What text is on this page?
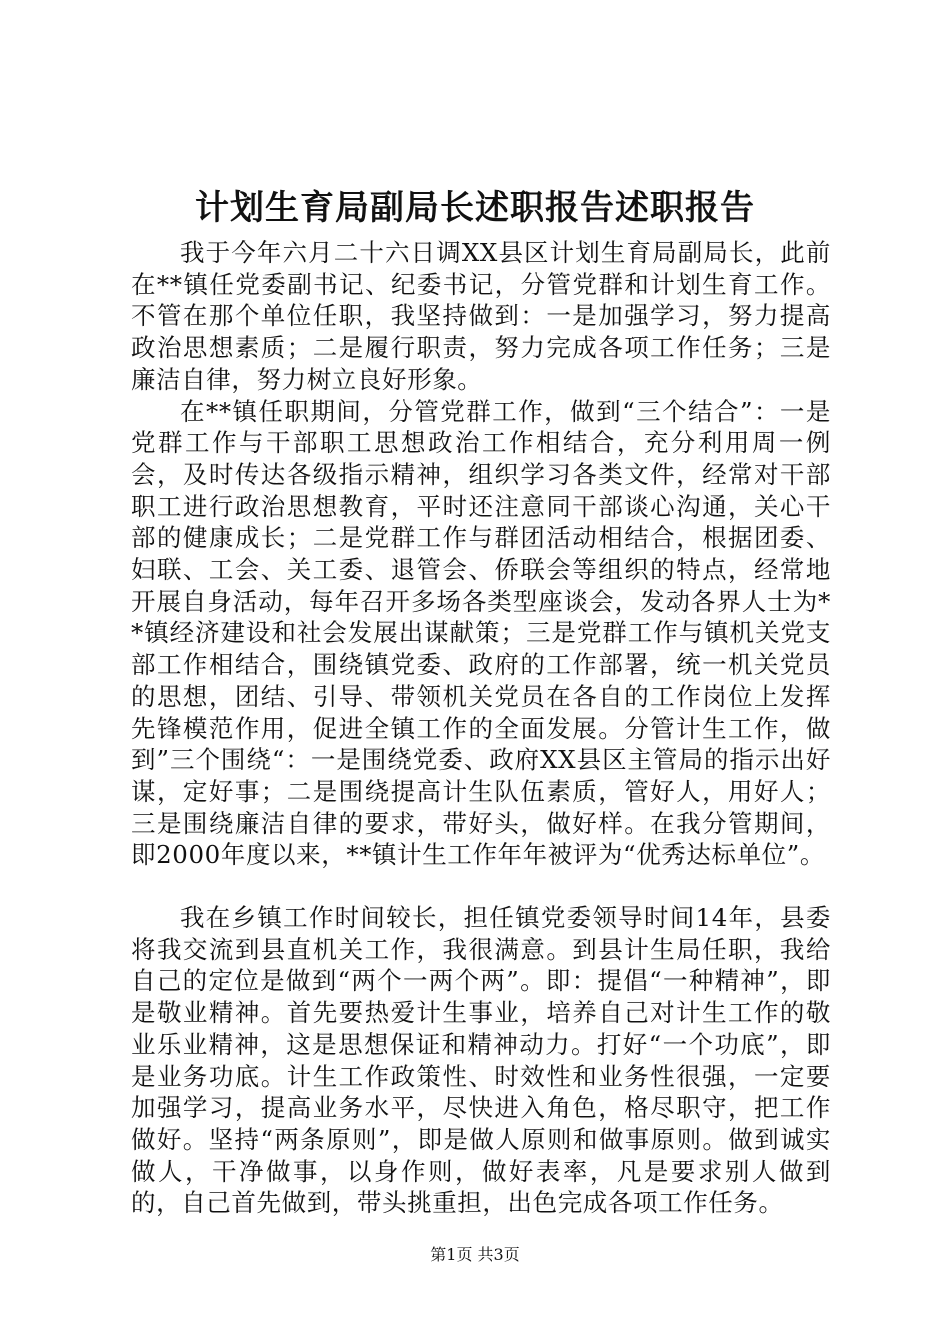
计划生育局副局长述职报告述职报告

我于今年六月二十六日调XX县区计划生育局副局长，此前在**镇任党委副书记、纪委书记，分管党群和计划生育工作。不管在那个单位任职，我坚持做到：一是加强学习，努力提高政治思想素质；二是履行职责，努力完成各项工作任务；三是廉洁自律，努力树立良好形象。

在**镇任职期间，分管党群工作，做到“三个结合”：一是党群工作与干部职工思想政治工作相结合，充分利用周一例会，及时传达各级指示精神，组织学习各类文件，经常对干部职工进行政治思想教育，平时还注意同干部谈心沟通，关心干部的健康成长；二是党群工作与群团活动相结合，根据团委、妇联、工会、关工委、退管会、侨联会等组织的特点，经常地开展自身活动，每年召开多场各类型座谈会，发动各界人士为**镇经济建设和社会发展出谋献策；三是党群工作与镇机关党支部工作相结合，围绕镇党委、政府的工作部署，统一机关党员的思想，团结、引导、带领机关党员在各自的工作岗位上发挥先锋模范作用，促进全镇工作的全面发展。分管计生工作，做到”三个围绕“：一是围绕党委、政府XX县区主管局的指示出好谋，定好事；二是围绕提高计生队伍素质，管好人，用好人；三是围绕廉洁自律的要求，带好头，做好样。在我分管期间，即2000年度以来，**镇计生工作年年被评为“优秀达标单位”。

我在乡镇工作时间较长，担任镇党委领导时间14年，县委将我交流到县直机关工作，我很满意。到县计生局任职，我给自己的定位是做到“两个一两个两”。即：提倡“一种精神”，即是敬业精神。首先要热爱计生事业，培养自己对计生工作的敬业乐业精神，这是思想保证和精神动力。打好“一个功底”，即是业务功底。计生工作政策性、时效性和业务性很强，一定要加强学习，提高业务水平，尽快进入角色，格尽职守，把工作做好。坚持“两条原则”，即是做人原则和做事原则。做到诚实做人，干净做事，以身作则，做好表率，凡是要求别人做到的，自己首先做到，带头挑重担，出色完成各项工作任务。

第1页 共3页
